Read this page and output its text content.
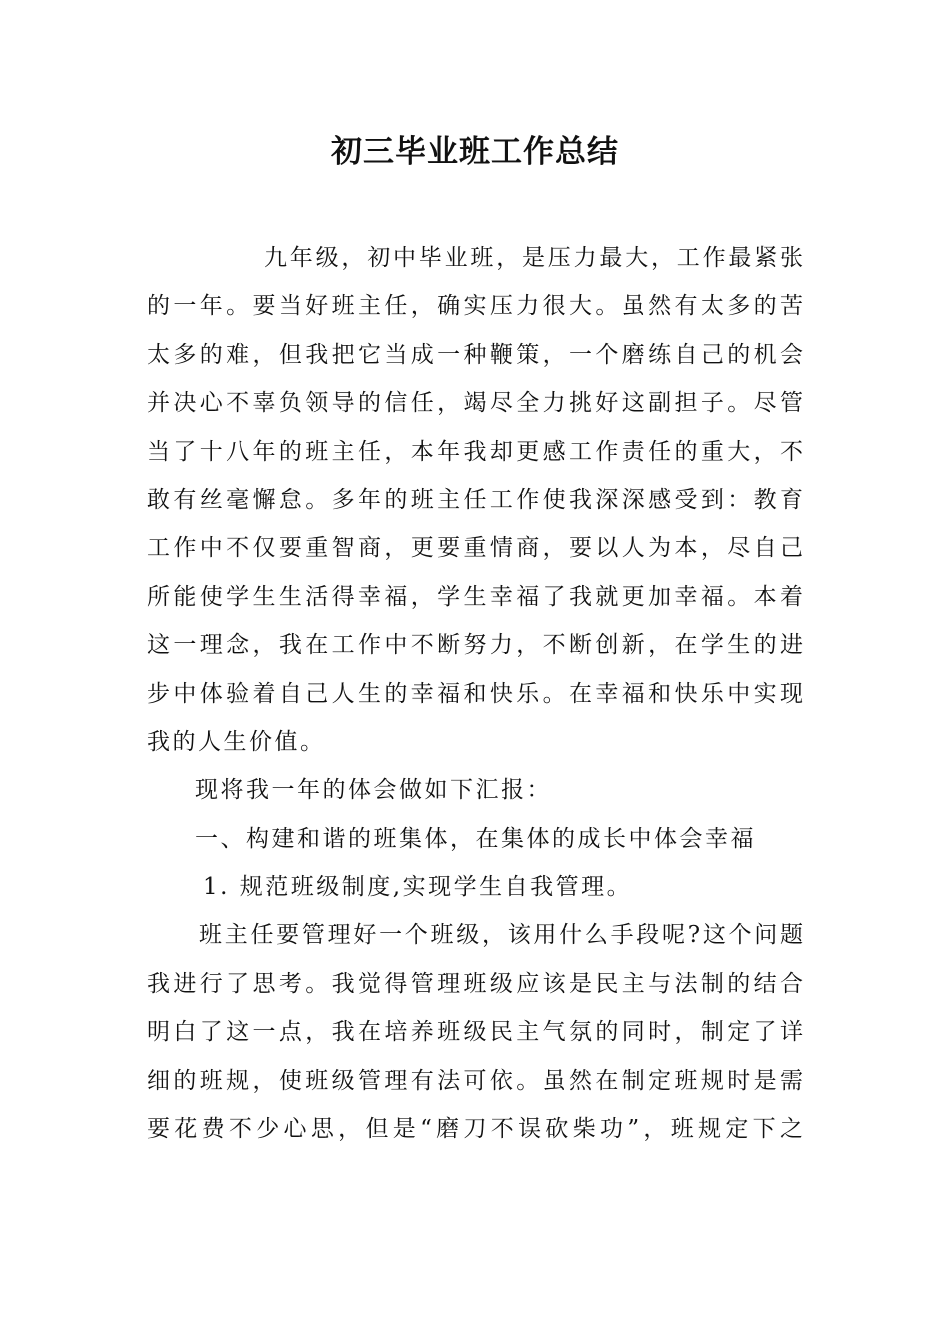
初三毕业班工作总结
九年级，初中毕业班，是压力最大，工作最紧张
的一年。要当好班主任，确实压力很大。虽然有太多的苦
太多的难，但我把它当成一种鞭策，一个磨练自己的机会
并决心不辜负领导的信任，竭尽全力挑好这副担子。尽管
当了十八年的班主任，本年我却更感工作责任的重大，不
敢有丝毫懈怠。多年的班主任工作使我深深感受到：教育
工作中不仅要重智商，更要重情商，要以人为本，尽自己
所能使学生生活得幸福，学生幸福了我就更加幸福。本着
这一理念，我在工作中不断努力，不断创新，在学生的进
步中体验着自己人生的幸福和快乐。在幸福和快乐中实现
我的人生价值。
现将我一年的体会做如下汇报：
一、构建和谐的班集体，在集体的成长中体会幸福
1. 规范班级制度,实现学生自我管理。
班主任要管理好一个班级，该用什么手段呢?这个问题
我进行了思考。我觉得管理班级应该是民主与法制的结合
明白了这一点，我在培养班级民主气氛的同时，制定了详
细的班规，使班级管理有法可依。虽然在制定班规时是需
要花费不少心思，但是“磨刀不误砍柴功”，班规定下之
